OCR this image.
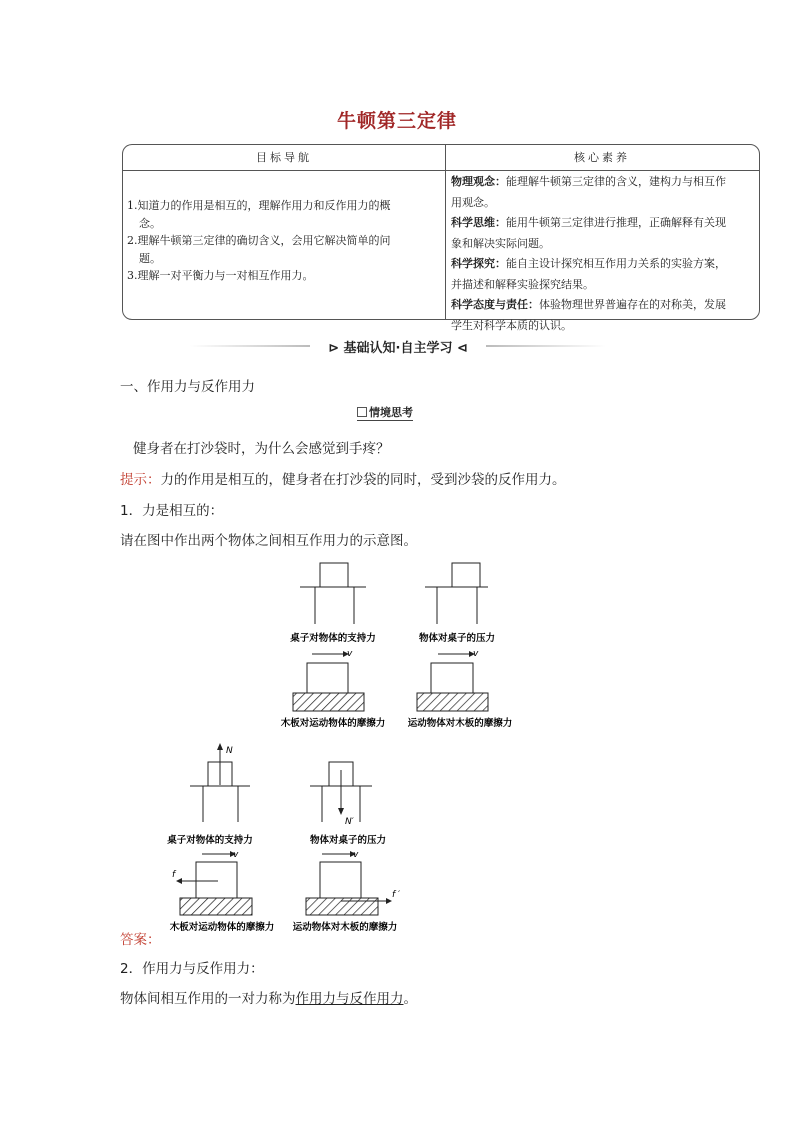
牛顿第三定律
目标导航	核心素养

1.知道力的作用是相互的，理解作用力和反作用力的概

念。

2.理解牛顿第三定律的确切含义，会用它解决简单的问

题。

3.理解一对平衡力与一对相互作用力。

物理观念：能理解牛顿第三定律的含义，建构力与相互作

用观念。

科学思维：能用牛顿第三定律进行推理，正确解释有关现

象和解决实际问题。

科学探究：能自主设计探究相互作用力关系的实验方案，

并描述和解释实验探究结果。

科学态度与责任：体验物理世界普遍存在的对称美，发展

学生对科学本质的认识。

⊳ 基础认知·自主学习 ⊲
一、作用力与反作用力
情境思考
健身者在打沙袋时，为什么会感觉到手疼？
提示：力的作用是相互的，健身者在打沙袋的同时，受到沙袋的反作用力。
1．力是相互的：
请在图中作出两个物体之间相互作用力的示意图。
桌子对物体的支持力	物体对桌子的压力
v
木板对运动物体的摩擦力
v
运动物体对木板的摩擦力
N
桌子对物体的支持力
N′
物体对桌子的压力
v
f
木板对运动物体的摩擦力
v
f ′
运动物体对木板的摩擦力
答案：
2．作用力与反作用力：
物体间相互作用的一对力称为作用力与反作用力。
